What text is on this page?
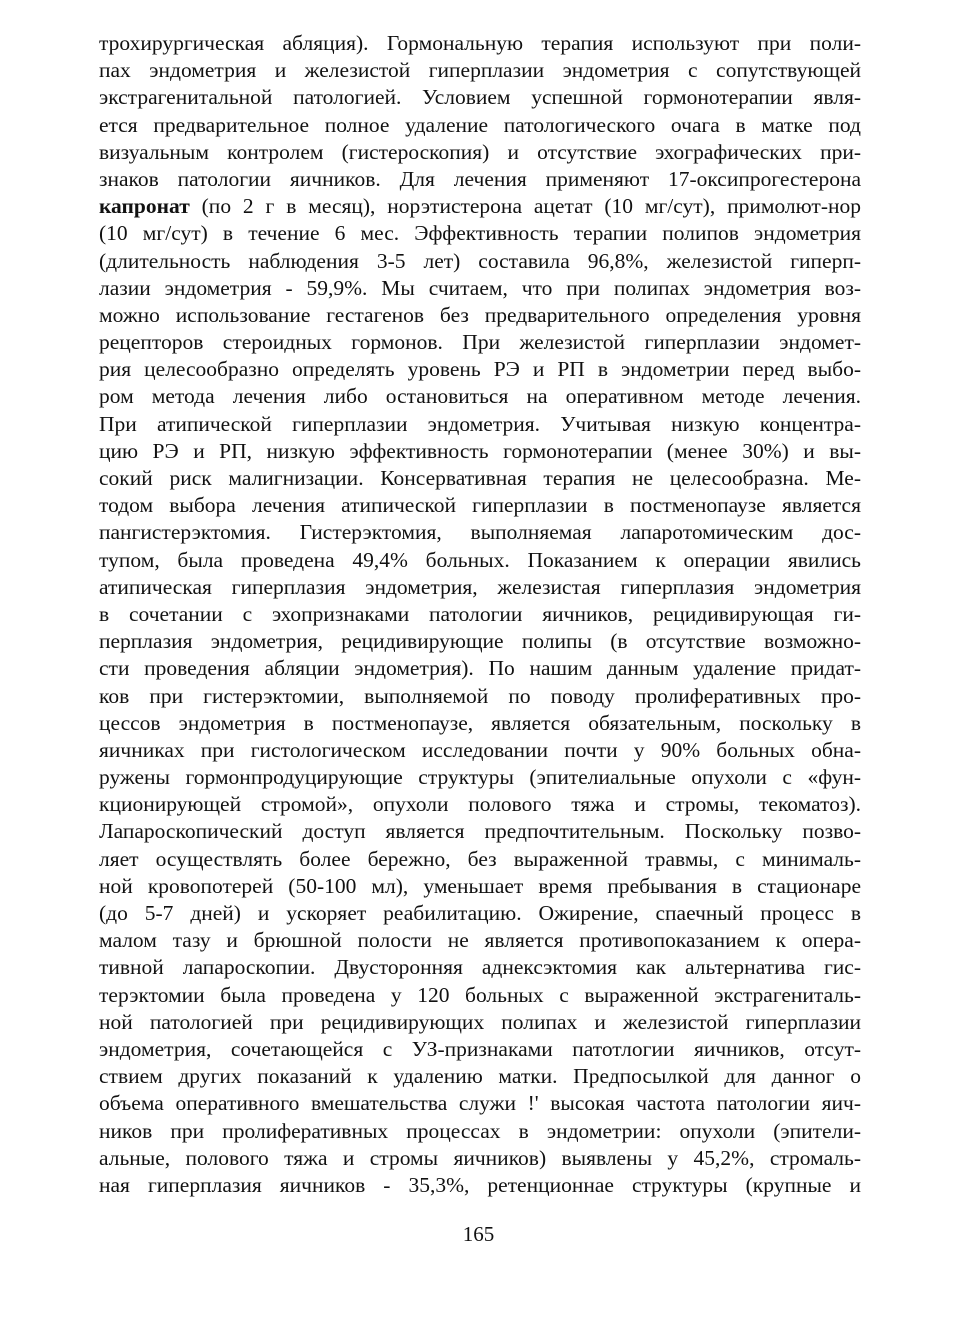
трохирургическая абляция). Гормональную терапия используют при поли-
пах эндометрия и железистой гиперплазии эндометрия с сопутствующей
экстрагенитальной патологией. Условием успешной гормонотерапии явля-
ется предварительное полное удаление патологического очага в матке под
визуальным контролем (гистероскопия) и отсутствие эхографических при-
знаков патологии яичников. Для лечения применяют 17-оксипрогестерона
капронат (по 2 г в месяц), норэтистерона ацетат (10 мг/сут), примолют-нор
(10 мг/сут) в течение 6 мес. Эффективность терапии полипов эндометрия
(длительность наблюдения 3-5 лет) составила 96,8%, железистой гиперп-
лазии эндометрия - 59,9%. Мы считаем, что при полипах эндометрия воз-
можно использование гестагенов без предварительного определения уровня
рецепторов стероидных гормонов. При железистой гиперплазии эндомет-
рия целесообразно определять уровень РЭ и РП в эндометрии перед выбо-
ром метода лечения либо остановиться на оперативном методе лечения.
При атипической гиперплазии эндометрия. Учитывая низкую концентра-
цию РЭ и РП, низкую эффективность гормонотерапии (менее 30%) и вы-
сокий риск малигнизации. Консервативная терапия не целесообразна. Ме-
тодом выбора лечения атипической гиперплазии в постменопаузе является
пангистерэктомия. Гистерэктомия, выполняемая лапаротомическим дос-
тупом, была проведена 49,4% больных. Показанием к операции явились
атипическая гиперплазия эндометрия, железистая гиперплазия эндометрия
в сочетании с эхопризнаками патологии яичников, рецидивирующая ги-
перплазия эндометрия, рецидивирующие полипы (в отсутствие возможно-
сти проведения абляции эндометрия). По нашим данным удаление придат-
ков при гистерэктомии, выполняемой по поводу пролиферативных про-
цессов эндометрия в постменопаузе, является обязательным, поскольку в
яичниках при гистологическом исследовании почти у 90% больных обна-
ружены гормонпродуцирующие структуры (эпителиальные опухоли с «фун-
кционирующей стромой», опухоли полового тяжа и стромы, текоматоз).
Лапароскопический доступ является предпочтительным. Поскольку позво-
ляет осуществлять более бережно, без выраженной травмы, с минималь-
ной кровопотерей (50-100 мл), уменьшает время пребывания в стационаре
(до 5-7 дней) и ускоряет реабилитацию. Ожирение, спаечный процесс в
малом тазу и брюшной полости не является противопоказанием к опера-
тивной лапароскопии. Двусторонняя аднексэктомия как альтернатива гис-
терэктомии была проведена у 120 больных с выраженной экстрагениталь-
ной патологией при рецидивирующих полипах и железистой гиперплазии
эндометрия, сочетающейся с УЗ-признаками патотлогии яичников, отсут-
ствием других показаний к удалению матки. Предпосылкой для данног о
объема оперативного вмешательства служи !' высокая частота патологии яич-
ников при пролиферативных процессах в эндометрии: опухоли (эпители-
альные, полового тяжа и стромы яичников) выявлены у 45,2%, стромаль-
ная гиперплазия яичников - 35,3%, ретенционнае структуры (крупные и
165
